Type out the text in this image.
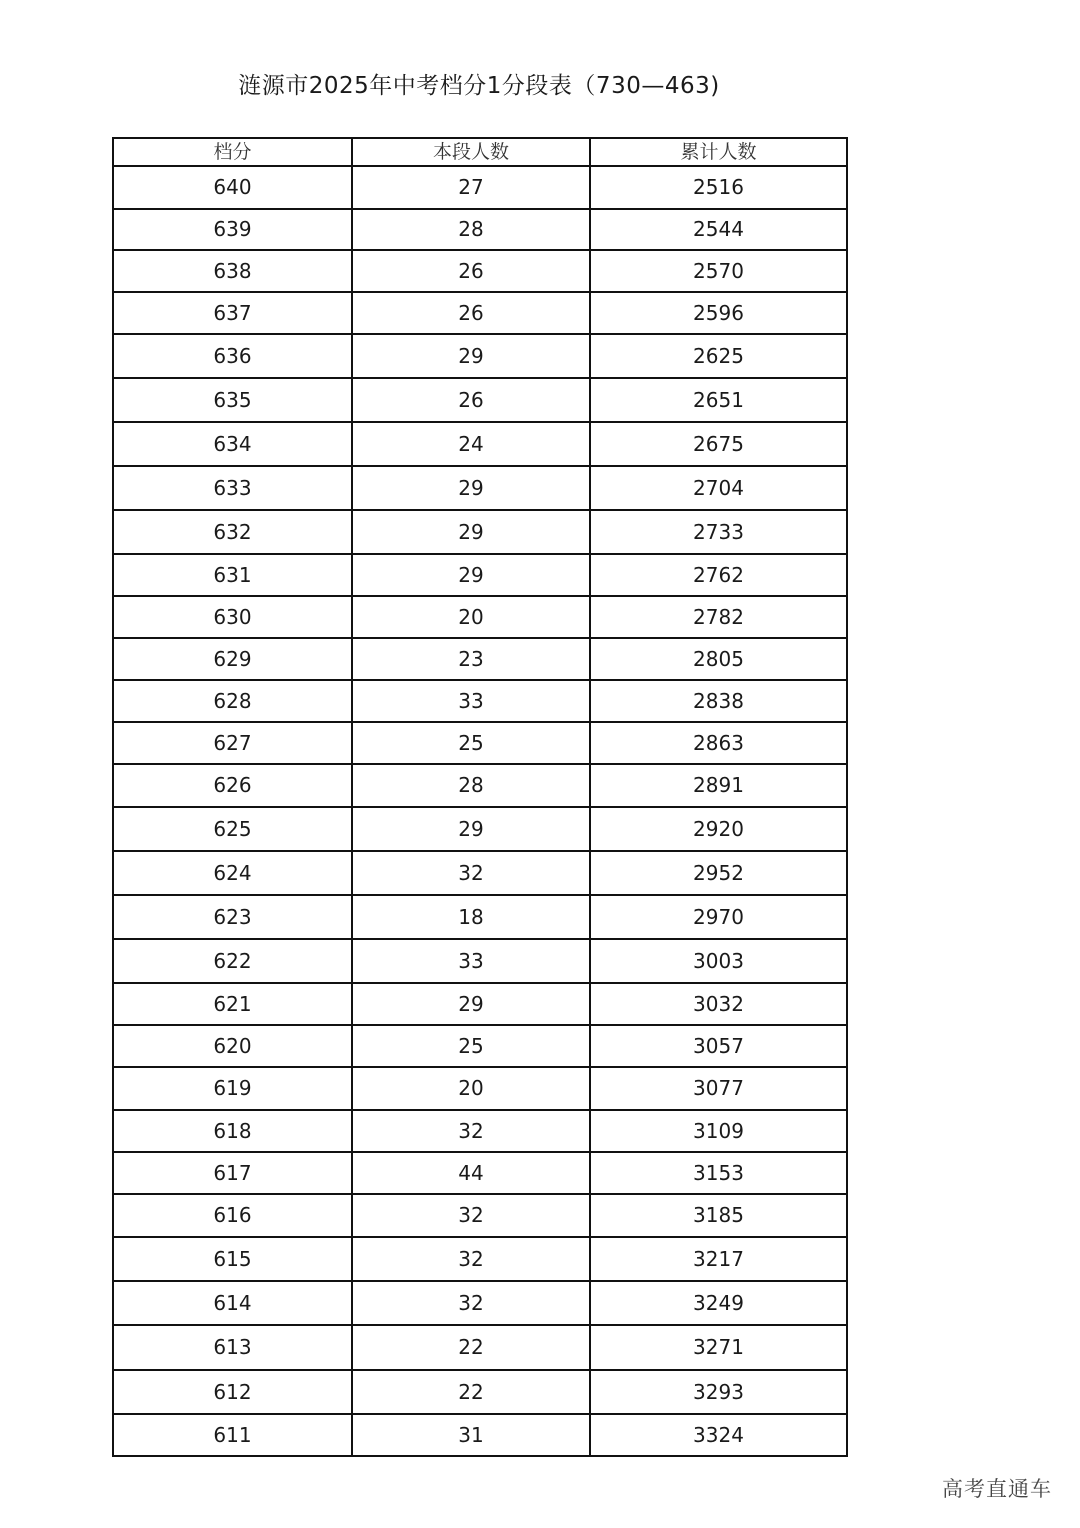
涟源市2025年中考档分1分段表（730—463)
档分	本段人数	累计人数
640	27	2516
639	28	2544
638	26	2570
637	26	2596
636	29	2625
635	26	2651
634	24	2675
633	29	2704
632	29	2733
631	29	2762
630	20	2782
629	23	2805
628	33	2838
627	25	2863
626	28	2891
625	29	2920
624	32	2952
623	18	2970
622	33	3003
621	29	3032
620	25	3057
619	20	3077
618	32	3109
617	44	3153
616	32	3185
615	32	3217
614	32	3249
613	22	3271
612	22	3293
611	31	3324
高考直通车
